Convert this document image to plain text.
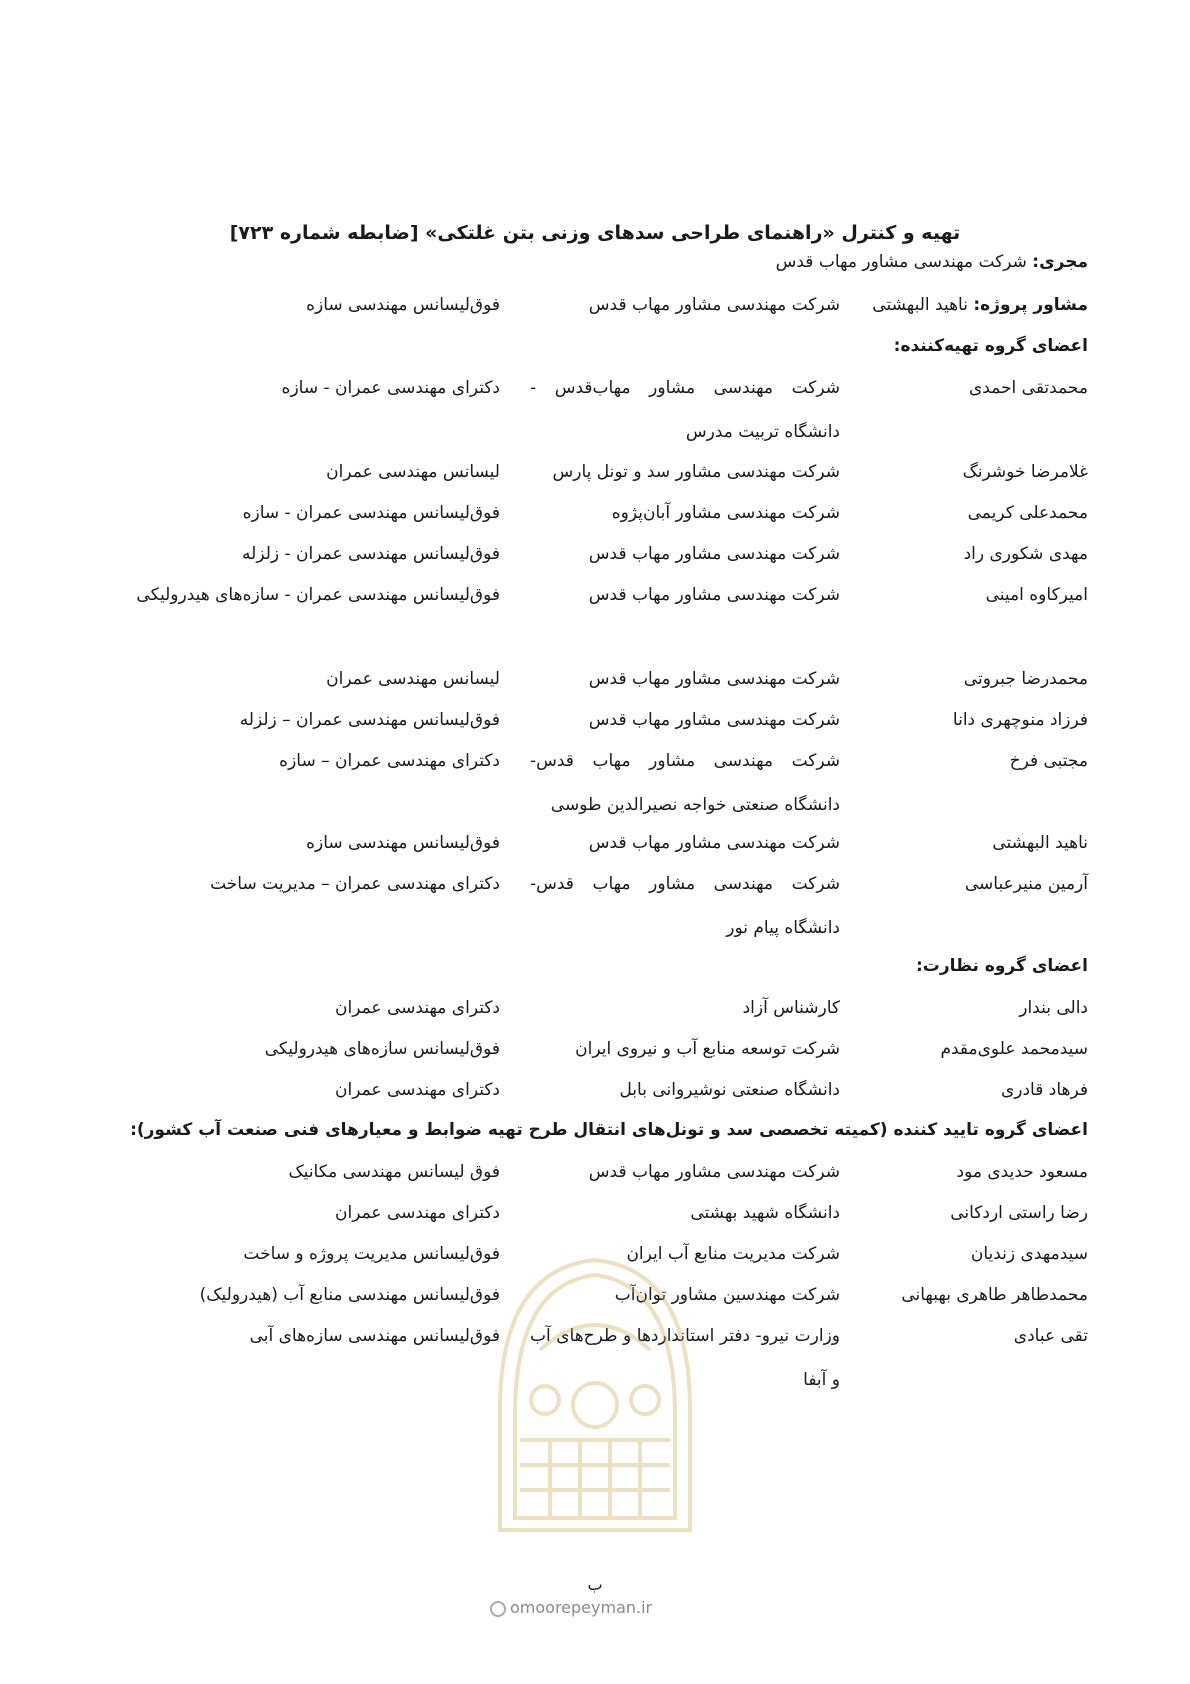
تهیه و کنترل «راهنمای طراحی سدهای وزنی بتن غلتکی» [ضابطه شماره ۷۲۳]
مجری: شرکت مهندسی مشاور مهاب قدس
مشاور پروژه: ناهید البهشتی
شرکت مهندسی مشاور مهاب قدس
فوق‌لیسانس مهندسی سازه
اعضای گروه تهیه‌کننده:
محمدتقی احمدی
شرکت مهندسی مشاور مهاب‌قدس - دانشگاه تربیت مدرس
دکترای مهندسی عمران - سازه
غلامرضا خوشرنگ
شرکت مهندسی مشاور سد و تونل پارس
لیسانس مهندسی عمران
محمدعلی کریمی
شرکت مهندسی مشاور آبان‌پژوه
فوق‌لیسانس مهندسی عمران - سازه
مهدی شکوری راد
شرکت مهندسی مشاور مهاب قدس
فوق‌لیسانس مهندسی عمران - زلزله
امیرکاوه امینی
شرکت مهندسی مشاور مهاب قدس
فوق‌لیسانس مهندسی عمران - سازه‌های هیدرولیکی
محمدرضا جبروتی
شرکت مهندسی مشاور مهاب قدس
لیسانس مهندسی عمران
فرزاد منوچهری دانا
شرکت مهندسی مشاور مهاب قدس
فوق‌لیسانس مهندسی عمران – زلزله
مجتبی فرخ
شرکت مهندسی مشاور مهاب قدس- دانشگاه صنعتی خواجه نصیرالدین طوسی
دکترای مهندسی عمران – سازه
ناهید البهشتی
شرکت مهندسی مشاور مهاب قدس
فوق‌لیسانس مهندسی سازه
آرمین منیرعباسی
شرکت مهندسی مشاور مهاب قدس- دانشگاه پیام نور
دکترای مهندسی عمران – مدیریت ساخت
اعضای گروه نظارت:
دالی بندار
کارشناس آزاد
دکترای مهندسی عمران
سیدمحمد علوی‌مقدم
شرکت توسعه منابع آب و نیروی ایران
فوق‌لیسانس سازه‌های هیدرولیکی
فرهاد قادری
دانشگاه صنعتی نوشیروانی بابل
دکترای مهندسی عمران
اعضای گروه تایید کننده (کمیته تخصصی سد و تونل‌های انتقال طرح تهیه ضوابط و معیارهای فنی صنعت آب کشور):
مسعود حدیدی مود
شرکت مهندسی مشاور مهاب قدس
فوق لیسانس مهندسی مکانیک
رضا راستی اردکانی
دانشگاه شهید بهشتی
دکترای مهندسی عمران
سیدمهدی زندیان
شرکت مدیریت منابع آب ایران
فوق‌لیسانس مدیریت پروژه و ساخت
محمدطاهر طاهری بهبهانی
شرکت مهندسین مشاور توان‌آب
فوق‌لیسانس مهندسی منابع آب (هیدرولیک)
تقی عبادی
وزارت نیرو- دفتر استانداردها و طرح‌های آب و آبفا
فوق‌لیسانس مهندسی سازه‌های آبی
ب
omoorepeyman.ir
